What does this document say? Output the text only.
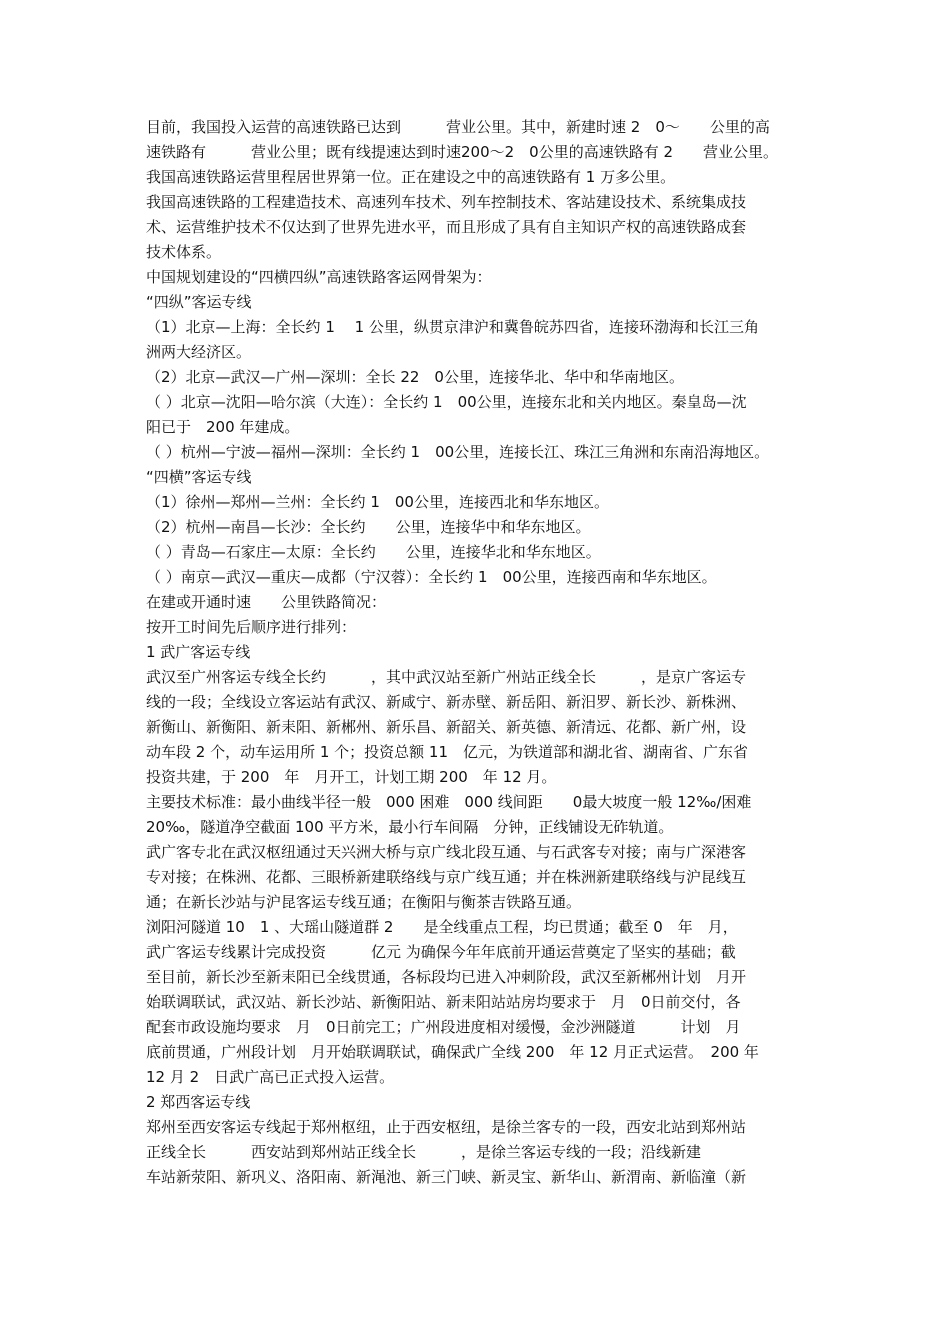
目前，我国投入运营的高速铁路已达到　　　营业公里。其中，新建时速 2　0～　　公里的高
速铁路有　　　营业公里；既有线提速达到时速200～2　0公里的高速铁路有 2　　营业公里。
我国高速铁路运营里程居世界第一位。正在建设之中的高速铁路有 1 万多公里。
我国高速铁路的工程建造技术、高速列车技术、列车控制技术、客站建设技术、系统集成技
术、运营维护技术不仅达到了世界先进水平，而且形成了具有自主知识产权的高速铁路成套
技术体系。
中国规划建设的“四横四纵”高速铁路客运网骨架为：
“四纵”客运专线
（1）北京—上海：全长约 1　 1 公里，纵贯京津沪和冀鲁皖苏四省，连接环渤海和长江三角
洲两大经济区。
（2）北京—武汉—广州—深圳：全长 22　0公里，连接华北、华中和华南地区。
（ ）北京—沈阳—哈尔滨（大连）：全长约 1　00公里，连接东北和关内地区。秦皇岛—沈
阳已于　200 年建成。
（ ）杭州—宁波—福州—深圳：全长约 1　00公里，连接长江、珠江三角洲和东南沿海地区。
“四横”客运专线
（1）徐州—郑州—兰州：全长约 1　00公里，连接西北和华东地区。
（2）杭州—南昌—长沙：全长约　　公里，连接华中和华东地区。
（ ）青岛—石家庄—太原：全长约　　公里，连接华北和华东地区。
（ ）南京—武汉—重庆—成都（宁汉蓉）：全长约 1　00公里，连接西南和华东地区。
在建或开通时速　　公里铁路简况：
按开工时间先后顺序进行排列：
1 武广客运专线
武汉至广州客运专线全长约　　　，其中武汉站至新广州站正线全长　　　，是京广客运专
线的一段；全线设立客运站有武汉、新咸宁、新赤壁、新岳阳、新汨罗、新长沙、新株洲、
新衡山、新衡阳、新耒阳、新郴州、新乐昌、新韶关、新英德、新清远、花都、新广州，设
动车段 2 个，动车运用所 1 个；投资总额 11　亿元，为铁道部和湖北省、湖南省、广东省
投资共建，于 200　年　月开工，计划工期 200　年 12 月。
主要技术标准：最小曲线半径一般　000 困难　000 线间距　　0最大坡度一般 12‰/困难
20‰，隧道净空截面 100 平方米，最小行车间隔　分钟，正线铺设无砟轨道。
武广客专北在武汉枢纽通过天兴洲大桥与京广线北段互通、与石武客专对接；南与广深港客
专对接；在株洲、花都、三眼桥新建联络线与京广线互通；并在株洲新建联络线与沪昆线互
通；在新长沙站与沪昆客运专线互通；在衡阳与衡茶吉铁路互通。
浏阳河隧道 10　1 、大瑶山隧道群 2　　是全线重点工程，均已贯通；截至 0　年　月，
武广客运专线累计完成投资　　　亿元 为确保今年年底前开通运营奠定了坚实的基础；截
至目前，新长沙至新耒阳已全线贯通，各标段均已进入冲刺阶段，武汉至新郴州计划　月开
始联调联试，武汉站、新长沙站、新衡阳站、新耒阳站站房均要求于　月　0日前交付，各
配套市政设施均要求　月　0日前完工；广州段进度相对缓慢，金沙洲隧道　　　计划　月
底前贯通，广州段计划　月开始联调联试，确保武广全线 200　年 12 月正式运营。　200 年
12 月 2　日武广高已正式投入运营。
2 郑西客运专线
郑州至西安客运专线起于郑州枢纽，止于西安枢纽，是徐兰客专的一段，西安北站到郑州站
正线全长　　　西安站到郑州站正线全长　　　，是徐兰客运专线的一段；沿线新建
车站新荥阳、新巩义、洛阳南、新渑池、新三门峡、新灵宝、新华山、新渭南、新临潼（新
